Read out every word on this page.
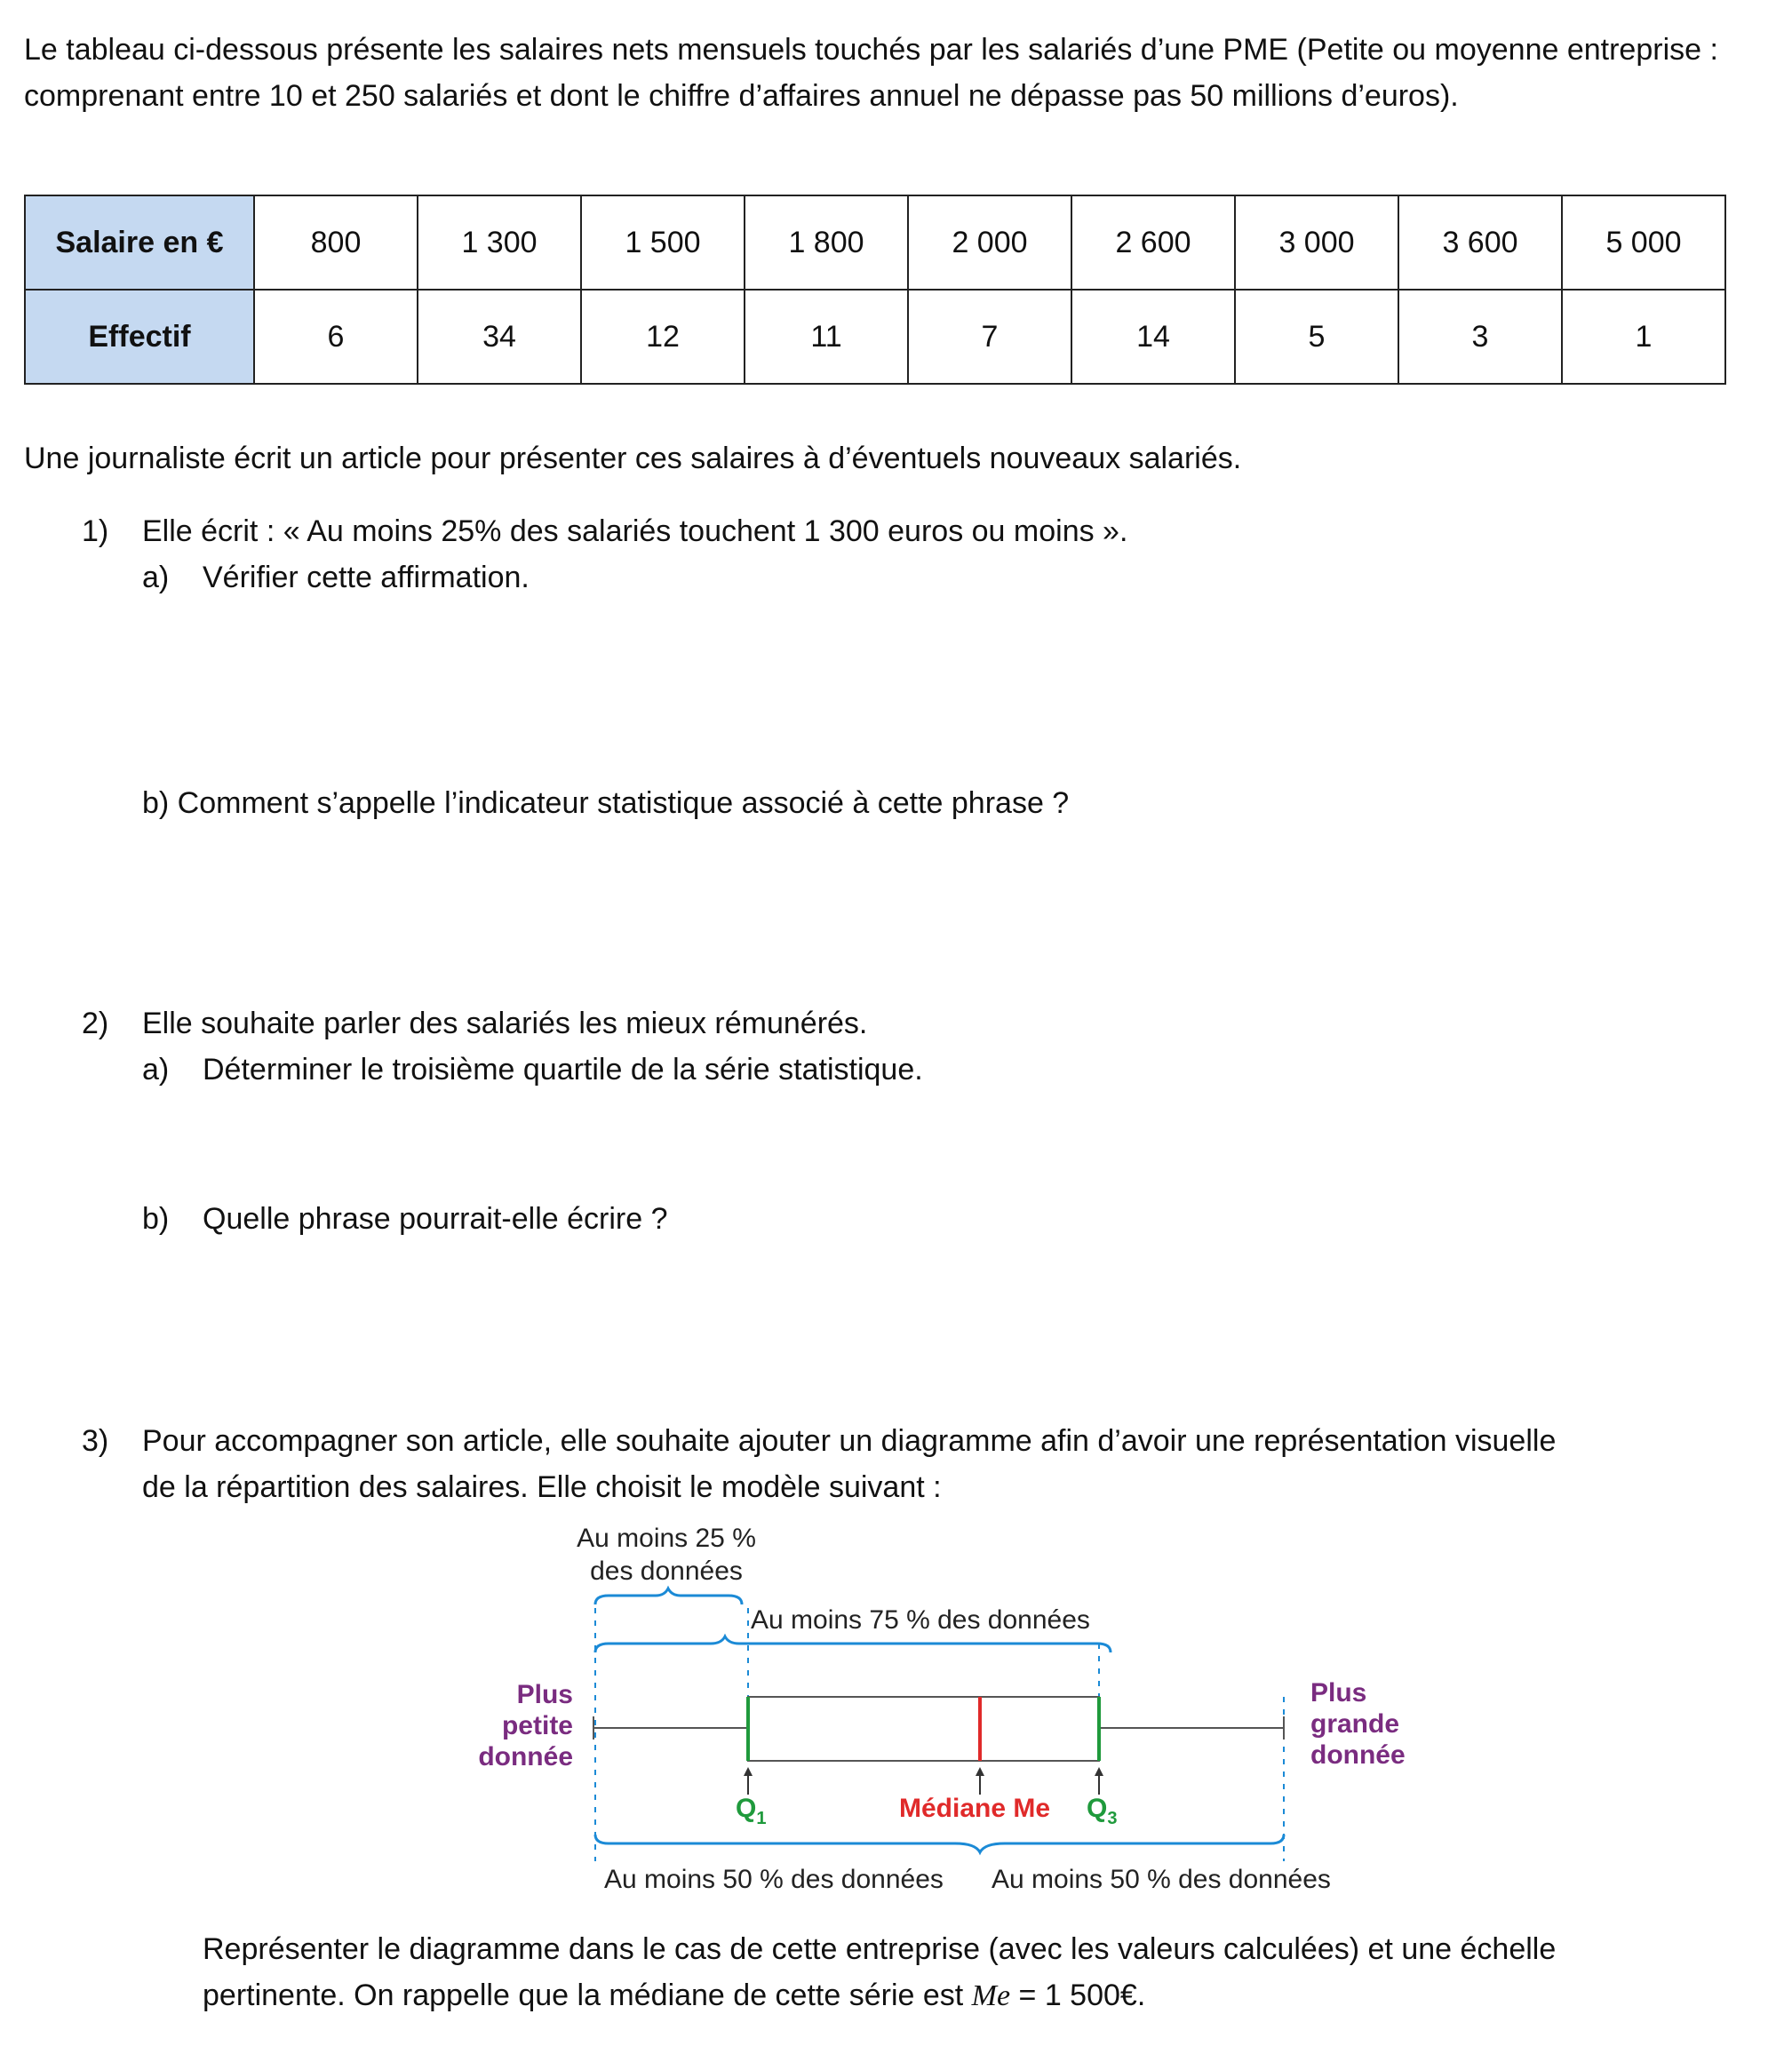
Le tableau ci-dessous présente les salaires nets mensuels touchés par les salariés d’une PME (Petite ou moyenne entreprise : comprenant entre 10 et 250 salariés et dont le chiffre d’affaires annuel ne dépasse pas 50 millions d’euros).

Salaire en €	800	1 300	1 500	1 800	2 000	2 600	3 000	3 600	5 000
Effectif	6	34	12	11	7	14	5	3	1

Une journaliste écrit un article pour présenter ces salaires à d’éventuels nouveaux salariés.

1) Elle écrit : « Au moins 25% des salariés touchent 1 300 euros ou moins ».

a) Vérifier cette affirmation.

b) Comment s’appelle l’indicateur statistique associé à cette phrase ?

2) Elle souhaite parler des salariés les mieux rémunérés.

a) Déterminer le troisième quartile de la série statistique.

b) Quelle phrase pourrait-elle écrire ?

3) Pour accompagner son article, elle souhaite ajouter un diagramme afin d’avoir une représentation visuelle

de la répartition des salaires. Elle choisit le modèle suivant :

Au moins 25 %
des données
Au moins 75 % des données
Plus
petite
donnée
Plus
grande
donnée
$Q_1$	Médiane Me $Q_3$
Au moins 50 % des données Au moins 50 % des données

Représenter le diagramme dans le cas de cette entreprise (avec les valeurs calculées) et une échelle

pertinente. On rappelle que la médiane de cette série est Me = 1 500€.
